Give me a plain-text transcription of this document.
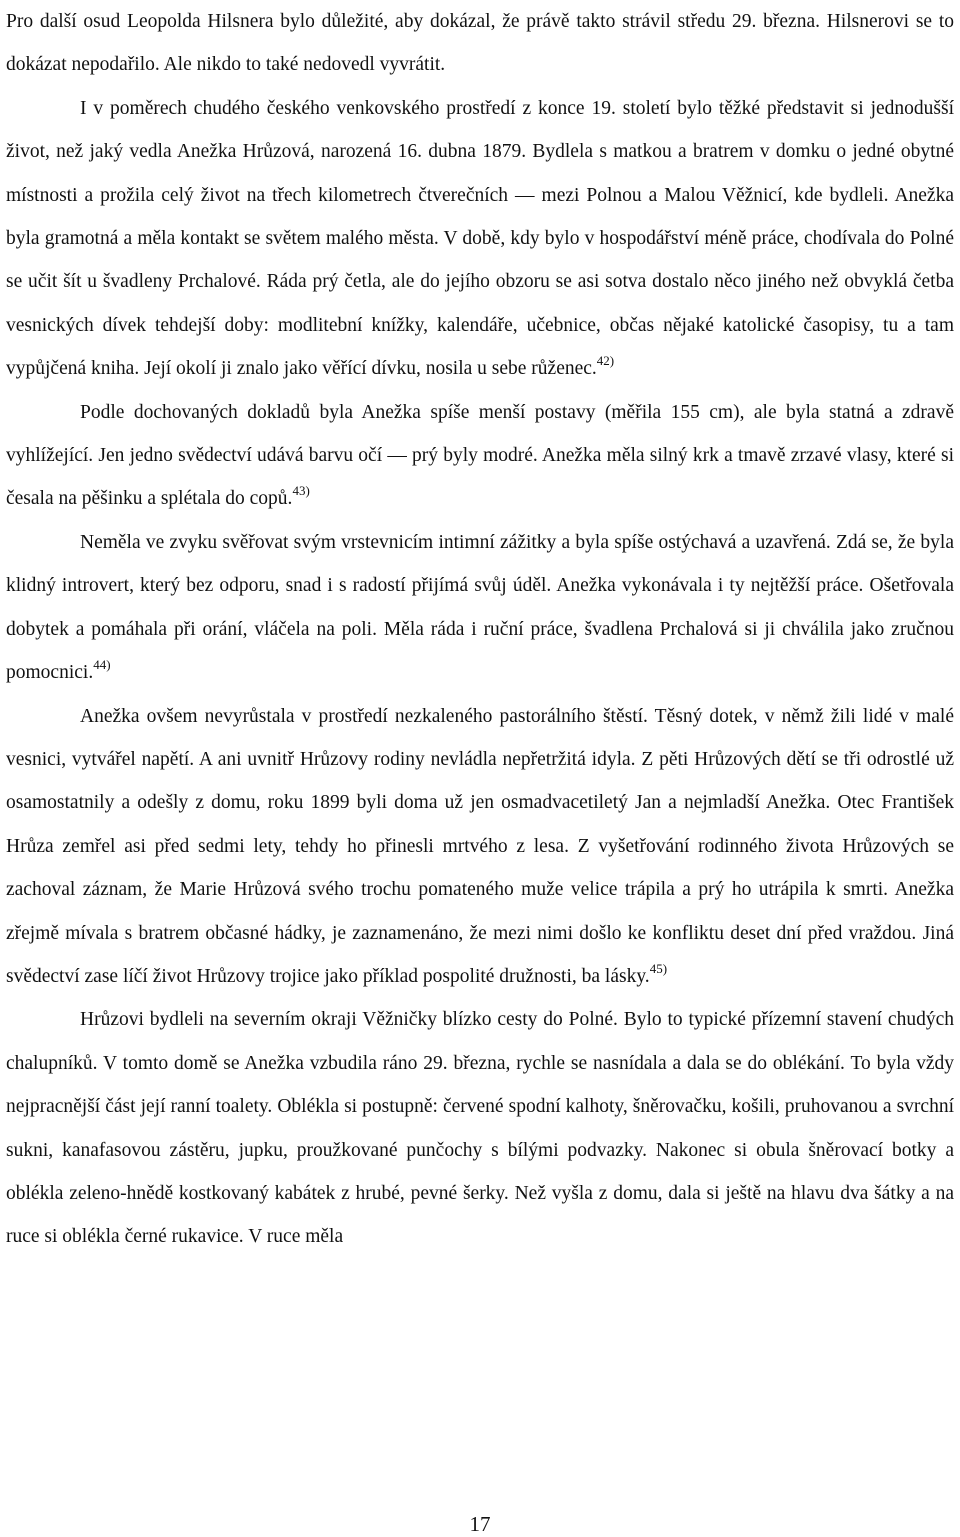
Pro další osud Leopolda Hilsnera bylo důležité, aby dokázal, že právě takto strávil středu 29. března. Hilsnerovi se to dokázat nepodařilo. Ale nikdo to také nedovedl vyvrátit.

I v poměrech chudého českého venkovského prostředí z konce 19. století bylo těžké představit si jednodušší život, než jaký vedla Anežka Hrůzová, narozená 16. dubna 1879. Bydlela s matkou a bratrem v domku o jedné obytné místnosti a prožila celý život na třech kilometrech čtverečních — mezi Polnou a Malou Věžnicí, kde bydleli. Anežka byla gramotná a měla kontakt se světem malého města. V době, kdy bylo v hospodářství méně práce, chodívala do Polné se učit šít u švadleny Prchalové. Ráda prý četla, ale do jejího obzoru se asi sotva dostalo něco jiného než obvyklá četba vesnických dívek tehdejší doby: modlitební knížky, kalendáře, učebnice, občas nějaké katolické časopisy, tu a tam vypůjčená kniha. Její okolí ji znalo jako věřící dívku, nosila u sebe růženec.$^{42)}$

Podle dochovaných dokladů byla Anežka spíše menší postavy (měřila 155 cm), ale byla statná a zdravě vyhlížející. Jen jedno svědectví udává barvu očí — prý byly modré. Anežka měla silný krk a tmavě zrzavé vlasy, které si česala na pěšinku a splétala do copů.$^{43)}$

Neměla ve zvyku svěřovat svým vrstevnicím intimní zážitky a byla spíše ostýchavá a uzavřená. Zdá se, že byla klidný introvert, který bez odporu, snad i s radostí přijímá svůj úděl. Anežka vykonávala i ty nejtěžší práce. Ošetřovala dobytek a pomáhala při orání, vláčela na poli. Měla ráda i ruční práce, švadlena Prchalová si ji chválila jako zručnou pomocnici.$^{44)}$

Anežka ovšem nevyrůstala v prostředí nezkaleného pastorálního štěstí. Těsný dotek, v němž žili lidé v malé vesnici, vytvářel napětí. A ani uvnitř Hrůzovy rodiny nevládla nepřetržitá idyla. Z pěti Hrůzových dětí se tři odrostlé už osamostatnily a odešly z domu, roku 1899 byli doma už jen osmadvacetiletý Jan a nejmladší Anežka. Otec František Hrůza zemřel asi před sedmi lety, tehdy ho přinesli mrtvého z lesa. Z vyšetřování rodinného života Hrůzových se zachoval záznam, že Marie Hrůzová svého trochu pomateného muže velice trápila a prý ho utrápila k smrti. Anežka zřejmě mívala s bratrem občasné hádky, je zaznamenáno, že mezi nimi došlo ke konfliktu deset dní před vraždou. Jiná svědectví zase líčí život Hrůzovy trojice jako příklad pospolité družnosti, ba lásky.$^{45)}$

Hrůzovi bydleli na severním okraji Věžničky blízko cesty do Polné. Bylo to typické přízemní stavení chudých chalupníků. V tomto domě se Anežka vzbudila ráno 29. března, rychle se nasnídala a dala se do oblékání. To byla vždy nejpracnější část její ranní toalety. Oblékla si postupně: červené spodní kalhoty, šněrovačku, košili, pruhovanou a svrchní sukni, kanafasovou zástěru, jupku, proužkované punčochy s bílými podvazky. Nakonec si obula šněrovací botky a oblékla zeleno-hnědě kostkovaný kabátek z hrubé, pevné šerky. Než vyšla z domu, dala si ještě na hlavu dva šátky a na ruce si oblékla černé rukavice. V ruce měla

17
